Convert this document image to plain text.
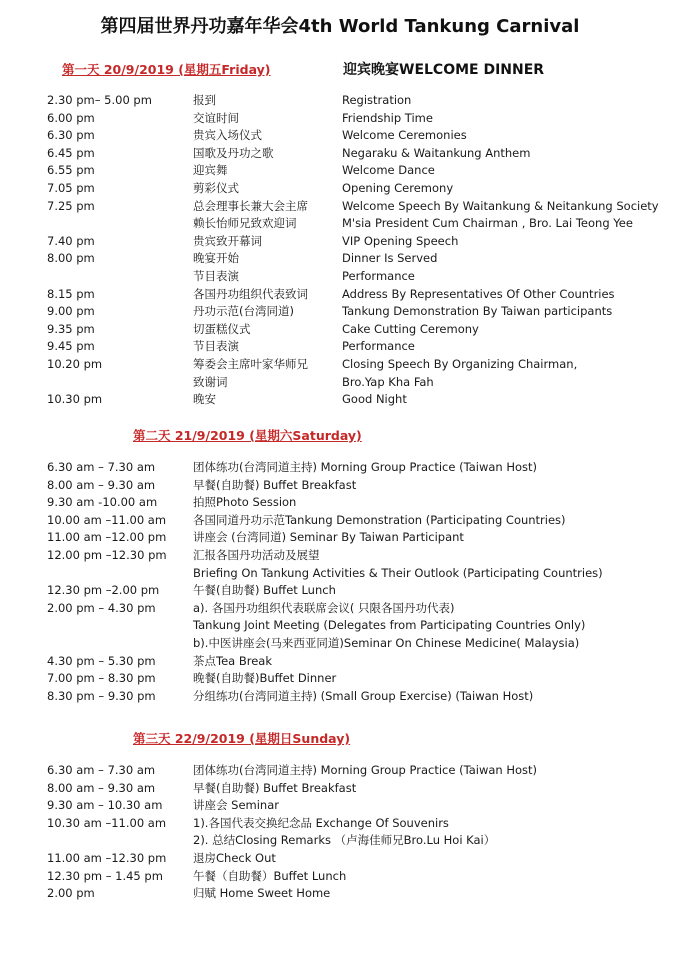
第四届世界丹功嘉年华会4th World Tankung Carnival
第一天 20/9/2019 (星期五Friday)	迎宾晚宴WELCOME DINNER
2.30 pm– 5.00 pm	报到	Registration
6.00 pm	交谊时间	Friendship Time
6.30 pm	贵宾入场仪式	Welcome Ceremonies
6.45 pm	国歌及丹功之歌	Negaraku & Waitankung Anthem
6.55 pm	迎宾舞	Welcome Dance
7.05 pm	剪彩仪式	Opening Ceremony
7.25 pm	总会理事长兼大会主席	Welcome Speech By Waitankung & Neitankung Society
赖长怡师兄致欢迎词	M'sia President Cum Chairman , Bro. Lai Teong Yee
7.40 pm	贵宾致开幕词	VIP Opening Speech
8.00 pm	晚宴开始	Dinner Is Served
节目表演	Performance
8.15 pm	各国丹功组织代表致词	Address By Representatives Of Other Countries
9.00 pm	丹功示范(台湾同道)	Tankung Demonstration By Taiwan participants
9.35 pm	切蛋糕仪式	Cake Cutting Ceremony
9.45 pm	节目表演	Performance
10.20 pm	筹委会主席叶家华师兄	Closing Speech By Organizing Chairman,
致谢词	Bro.Yap Kha Fah
10.30 pm	晚安	Good Night
第二天 21/9/2019 (星期六Saturday)
6.30 am – 7.30 am	团体练功(台湾同道主持) Morning Group Practice (Taiwan Host)
8.00 am – 9.30 am	早餐(自助餐) Buffet Breakfast
9.30 am -10.00 am	拍照Photo Session
10.00 am –11.00 am 各国同道丹功示范Tankung Demonstration (Participating Countries)
11.00 am –12.00 pm 讲座会 (台湾同道) Seminar By Taiwan Participant
12.00 pm –12.30 pm 汇报各国丹功活动及展望
Briefing On Tankung Activities & Their Outlook (Participating Countries)
12.30 pm –2.00 pm	午餐(自助餐) Buffet Lunch
2.00 pm – 4.30 pm	a). 各国丹功组织代表联席会议( 只限各国丹功代表)
Tankung Joint Meeting (Delegates from Participating Countries Only)
b).中医讲座会(马来西亚同道)Seminar On Chinese Medicine( Malaysia)
4.30 pm – 5.30 pm	茶点Tea Break
7.00 pm – 8.30 pm	晚餐(自助餐)Buffet Dinner
8.30 pm – 9.30 pm	分组练功(台湾同道主持) (Small Group Exercise) (Taiwan Host)
第三天 22/9/2019 (星期日Sunday)
6.30 am – 7.30 am	团体练功(台湾同道主持) Morning Group Practice (Taiwan Host)
8.00 am – 9.30 am	早餐(自助餐) Buffet Breakfast
9.30 am – 10.30 am	讲座会 Seminar
10.30 am –11.00 am 1).各国代表交换纪念品 Exchange Of Souvenirs
2). 总结Closing Remarks （卢海佳师兄Bro.Lu Hoi Kai）
11.00 am –12.30 pm 退房Check Out
12.30 pm – 1.45 pm	午餐（自助餐）Buffet Lunch
2.00 pm	归赋 Home Sweet Home
